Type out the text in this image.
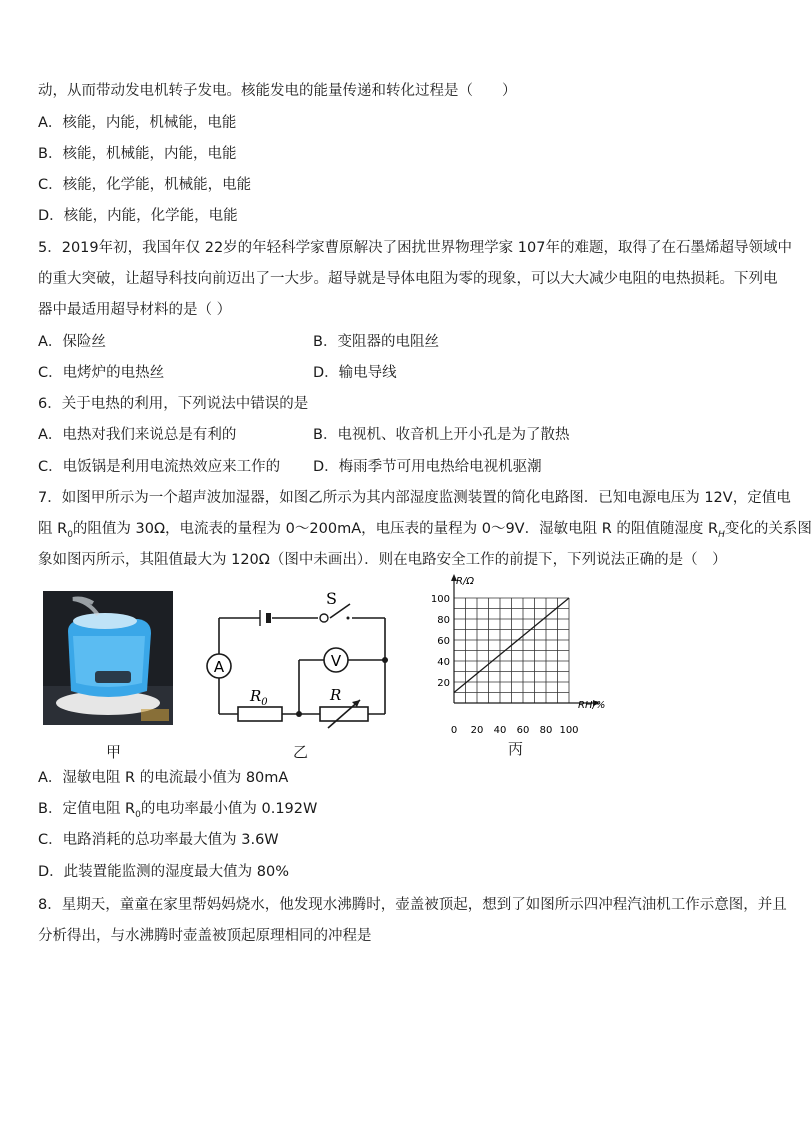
动，从而带动发电机转子发电。核能发电的能量传递和转化过程是（　　）
A．核能，内能，机械能，电能
B．核能，机械能，内能，电能
C．核能，化学能，机械能，电能
D．核能，内能，化学能，电能
5．2019年初，我国年仅 22岁的年轻科学家曹原解决了困扰世界物理学家 107年的难题，取得了在石墨烯超导领域中
的重大突破，让超导科技向前迈出了一大步。超导就是导体电阻为零的现象，可以大大减少电阻的电热损耗。下列电
器中最适用超导材料的是（ ）
A．保险丝	B．变阻器的电阻丝
C．电烤炉的电热丝	D．输电导线
6．关于电热的利用，下列说法中错误的是
A．电热对我们来说总是有利的	B．电视机、收音机上开小孔是为了散热
C．电饭锅是利用电流热效应来工作的 D．梅雨季节可用电热给电视机驱潮
7．如图甲所示为一个超声波加湿器，如图乙所示为其内部湿度监测装置的简化电路图．已知电源电压为 12V，定值电
阻 $R_0$的阻值为 30Ω，电流表的量程为 0～200mA，电压表的量程为 0～9V．湿敏电阻 R 的阻值随湿度 $R_H$变化的关系图
象如图丙所示，其阻值最大为 120Ω（图中未画出）．则在电路安全工作的前提下，下列说法正确的是（　）
甲
A	V
S
$R_0$	R
乙
0 20 40 60 80 100
20
40
60
80
100
R/Ω
RH/%
丙
A．湿敏电阻 R 的电流最小值为 80mA
B．定值电阻 $R_0$的电功率最小值为 0.192W
C．电路消耗的总功率最大值为 3.6W
D．此装置能监测的湿度最大值为 80%
8．星期天，童童在家里帮妈妈烧水，他发现水沸腾时，壶盖被顶起，想到了如图所示四冲程汽油机工作示意图，并且
分析得出，与水沸腾时壶盖被顶起原理相同的冲程是
